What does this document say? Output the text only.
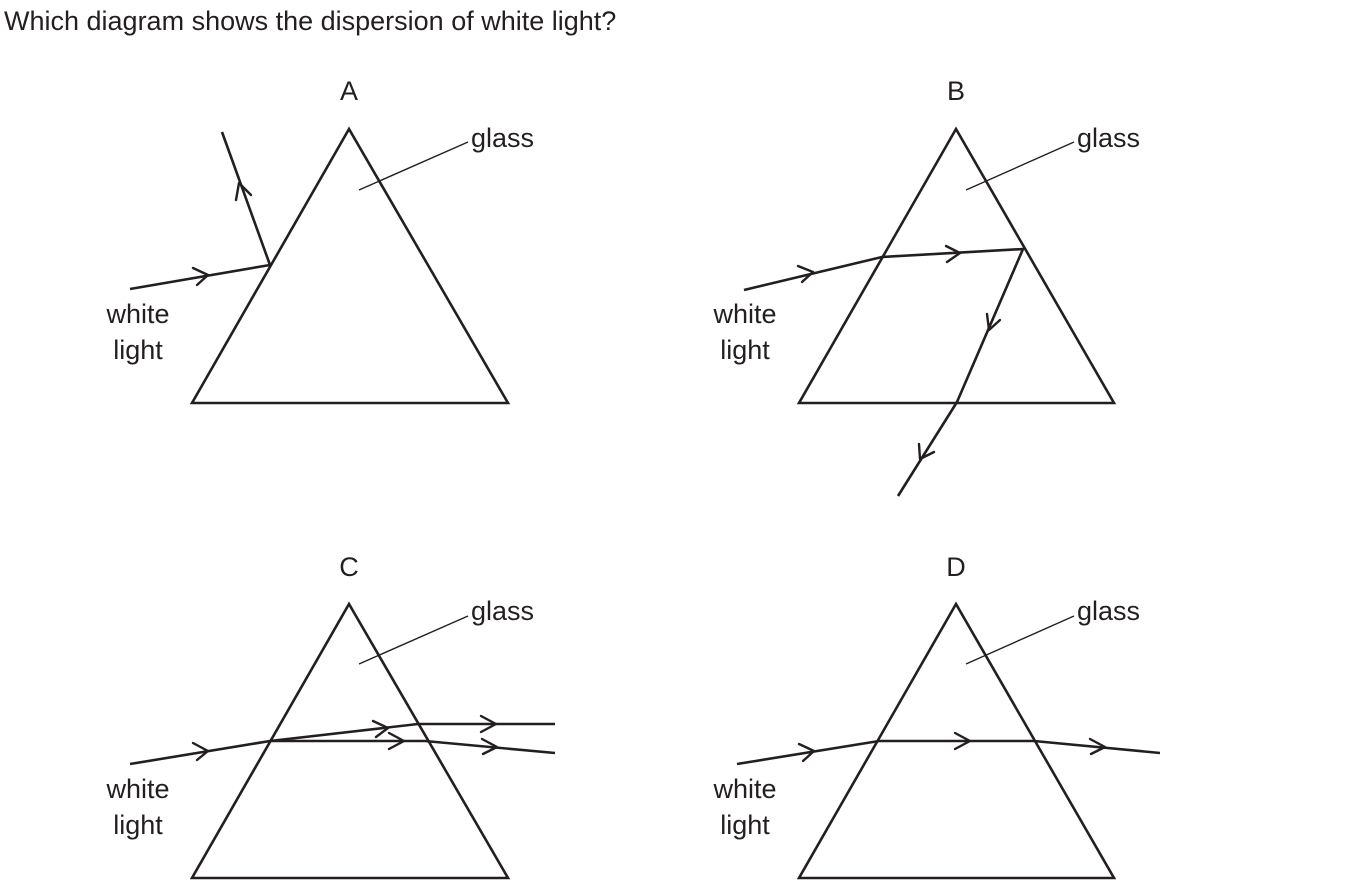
Which diagram shows the dispersion of white light?
A
glass
white
light
B
glass
white
light
C
glass
white
light
D
glass
white
light
